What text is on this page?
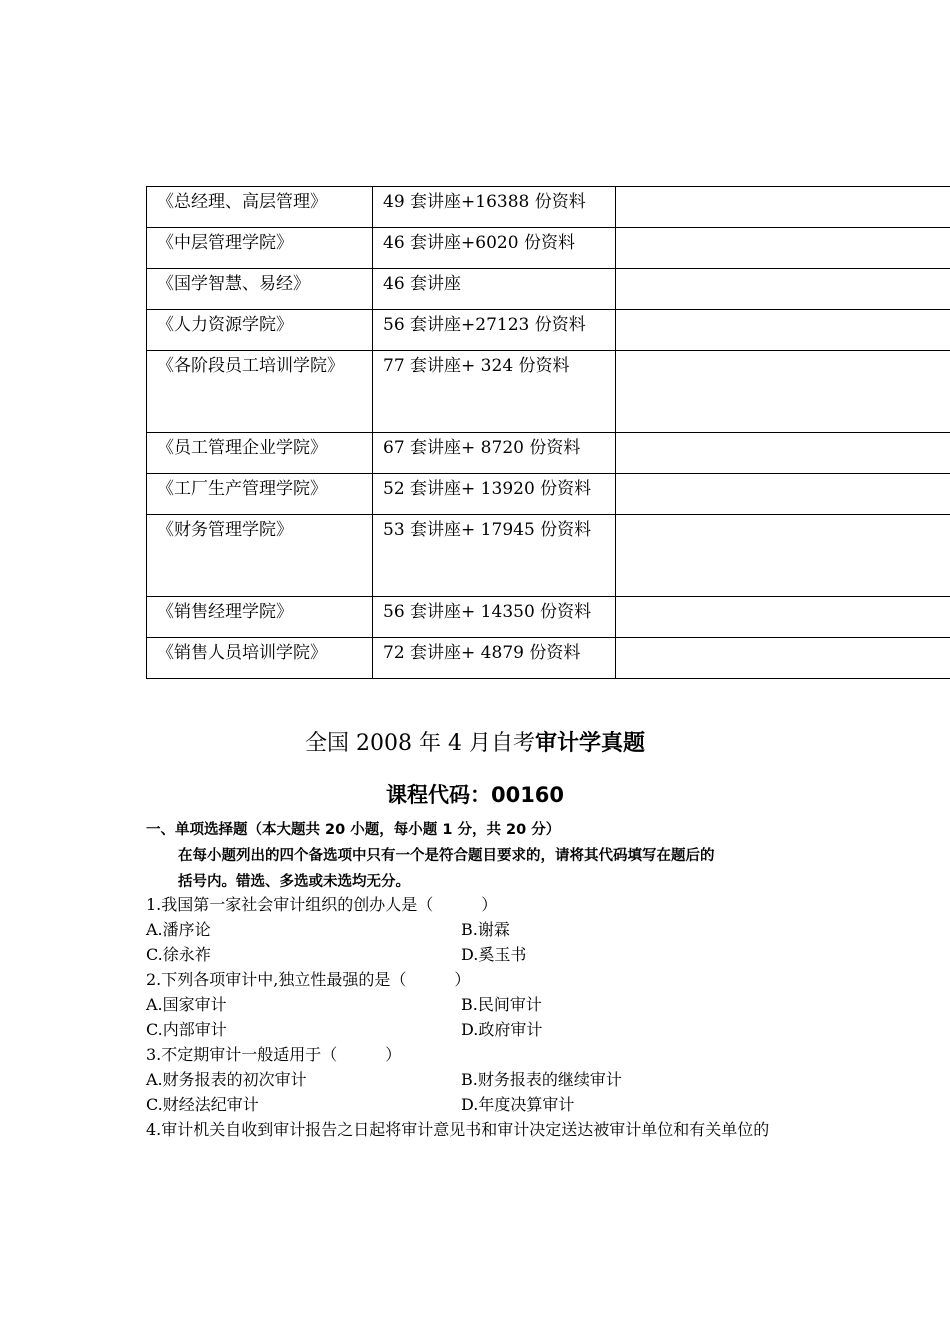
《总经理、高层管理》	49 套讲座+16388 份资料	

《中层管理学院》	46 套讲座+6020 份资料	

《国学智慧、易经》	46 套讲座	

《人力资源学院》	56 套讲座+27123 份资料	

《各阶段员工培训学院》	77 套讲座+ 324 份资料	

《员工管理企业学院》	67 套讲座+ 8720 份资料	

《工厂生产管理学院》	52 套讲座+ 13920 份资料	

《财务管理学院》	53 套讲座+ 17945 份资料	

《销售经理学院》	56 套讲座+ 14350 份资料	

《销售人员培训学院》	72 套讲座+ 4879 份资料	

全国 2008 年 4 月自考审计学真题
课程代码：00160
一、单项选择题（本大题共 20 小题，每小题 1 分，共 20 分）
在每小题列出的四个备选项中只有一个是符合题目要求的，请将其代码填写在题后的
括号内。错选、多选或未选均无分。
1.我国第一家社会审计组织的创办人是（　　　）
A.潘序论	B.谢霖
C.徐永祚	D.奚玉书
2.下列各项审计中,独立性最强的是（　　　）
A.国家审计	B.民间审计
C.内部审计	D.政府审计
3.不定期审计一般适用于（　　　）
A.财务报表的初次审计	B.财务报表的继续审计
C.财经法纪审计	D.年度决算审计
4.审计机关自收到审计报告之日起将审计意见书和审计决定送达被审计单位和有关单位的
